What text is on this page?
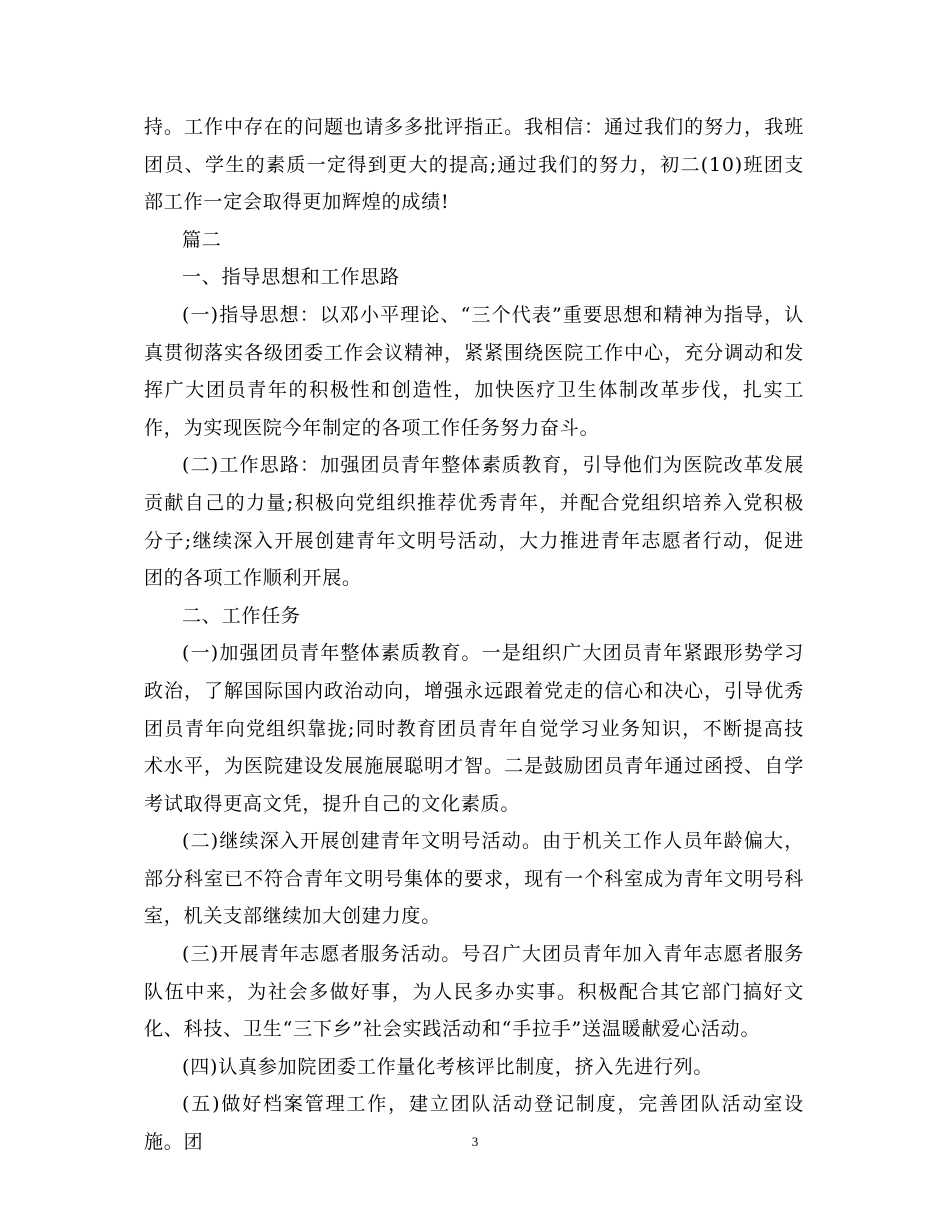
持。工作中存在的问题也请多多批评指正。我相信：通过我们的努力，我班团员、学生的素质一定得到更大的提高;通过我们的努力，初二(10)班团支部工作一定会取得更加辉煌的成绩!

篇二

一、指导思想和工作思路

(一)指导思想：以邓小平理论、“三个代表”重要思想和精神为指导，认真贯彻落实各级团委工作会议精神，紧紧围绕医院工作中心，充分调动和发挥广大团员青年的积极性和创造性，加快医疗卫生体制改革步伐，扎实工作，为实现医院今年制定的各项工作任务努力奋斗。

(二)工作思路：加强团员青年整体素质教育，引导他们为医院改革发展贡献自己的力量;积极向党组织推荐优秀青年，并配合党组织培养入党积极分子;继续深入开展创建青年文明号活动，大力推进青年志愿者行动，促进团的各项工作顺利开展。

二、工作任务

(一)加强团员青年整体素质教育。一是组织广大团员青年紧跟形势学习政治，了解国际国内政治动向，增强永远跟着党走的信心和决心，引导优秀团员青年向党组织靠拢;同时教育团员青年自觉学习业务知识，不断提高技术水平，为医院建设发展施展聪明才智。二是鼓励团员青年通过函授、自学考试取得更高文凭，提升自己的文化素质。

(二)继续深入开展创建青年文明号活动。由于机关工作人员年龄偏大，部分科室已不符合青年文明号集体的要求，现有一个科室成为青年文明号科室，机关支部继续加大创建力度。

(三)开展青年志愿者服务活动。号召广大团员青年加入青年志愿者服务队伍中来，为社会多做好事，为人民多办实事。积极配合其它部门搞好文化、科技、卫生“三下乡”社会实践活动和“手拉手”送温暖献爱心活动。

(四)认真参加院团委工作量化考核评比制度，挤入先进行列。

(五)做好档案管理工作，建立团队活动登记制度，完善团队活动室设施。团	3
